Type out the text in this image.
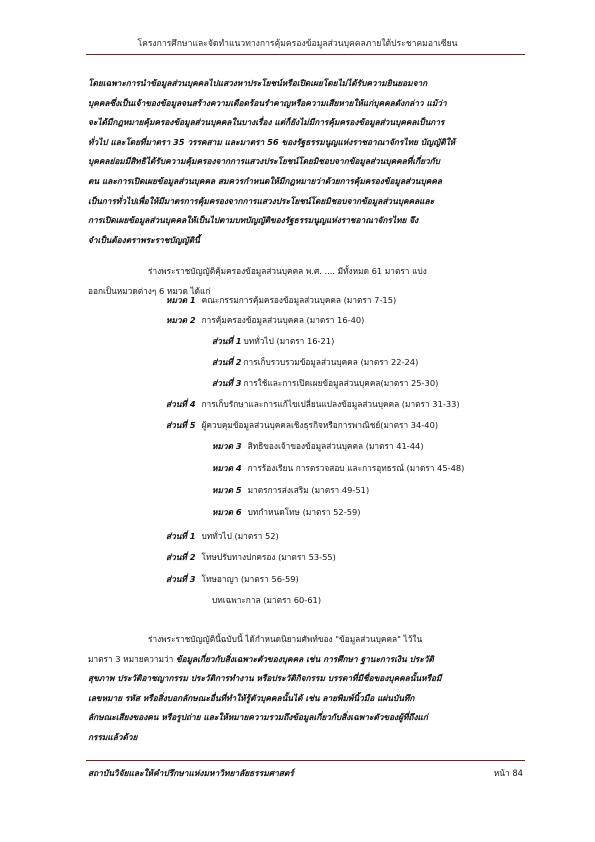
โครงการศึกษาและจัดทำแนวทางการคุ้มครองข้อมูลส่วนบุคคลภายใต้ประชาคมอาเซียน
โดยเฉพาะการนำข้อมูลส่วนบุคคลไปแสวงหาประโยชน์หรือเปิดเผยโดยไม่ได้รับความยินยอมจาก
บุคคลซึ่งเป็นเจ้าของข้อมูลจนสร้างความเดือดร้อนรำคาญหรือความเสียหายให้แก่บุคคลดังกล่าว แม้ว่า
จะได้มีกฎหมายคุ้มครองข้อมูลส่วนบุคคลในบางเรื่อง แต่ก็ยังไม่มีการคุ้มครองข้อมูลส่วนบุคคลเป็นการ
ทั่วไป และโดยที่มาตรา 35 วรรคสาม และมาตรา 56 ของรัฐธรรมนูญแห่งราชอาณาจักรไทย บัญญัติให้
บุคคลย่อมมีสิทธิได้รับความคุ้มครองจากการแสวงประโยชน์โดยมิชอบจากข้อมูลส่วนบุคคลที่เกี่ยวกับ
ตน และการเปิดเผยข้อมูลส่วนบุคคล สมควรกำหนดให้มีกฎหมายว่าด้วยการคุ้มครองข้อมูลส่วนบุคคล
เป็นการทั่วไปเพื่อให้มีมาตรการคุ้มครองจากการแสวงประโยชน์โดยมิชอบจากข้อมูลส่วนบุคคลและ
การเปิดเผยข้อมูลส่วนบุคคลให้เป็นไปตามบทบัญญัติของรัฐธรรมนูญแห่งราชอาณาจักรไทย จึง
จำเป็นต้องตราพระราชบัญญัตินี้
ร่างพระราชบัญญัติคุ้มครองข้อมูลส่วนบุคคล พ.ศ. .... มีทั้งหมด 61 มาตรา แบ่ง
ออกเป็นหมวดต่างๆ 6 หมวด ได้แก่
หมวด 1 คณะกรรมการคุ้มครองข้อมูลส่วนบุคคล (มาตรา 7-15)
หมวด 2 การคุ้มครองข้อมูลส่วนบุคคล (มาตรา 16-40)
ส่วนที่ 1 บททั่วไป (มาตรา 16-21)
ส่วนที่ 2 การเก็บรวบรวมข้อมูลส่วนบุคคล (มาตรา 22-24)
ส่วนที่ 3 การใช้และการเปิดเผยข้อมูลส่วนบุคคล(มาตรา 25-30)
ส่วนที่ 4 การเก็บรักษาและการแก้ไขเปลี่ยนแปลงข้อมูลส่วนบุคคล (มาตรา 31-33)
ส่วนที่ 5 ผู้ควบคุมข้อมูลส่วนบุคคลเชิงธุรกิจหรือการพาณิชย์(มาตรา 34-40)
หมวด 3 สิทธิของเจ้าของข้อมูลส่วนบุคคล (มาตรา 41-44)
หมวด 4 การร้องเรียน การตรวจสอบ และการอุทธรณ์ (มาตรา 45-48)
หมวด 5 มาตรการส่งเสริม (มาตรา 49-51)
หมวด 6 บทกำหนดโทษ (มาตรา 52-59)
ส่วนที่ 1 บททั่วไป (มาตรา 52)
ส่วนที่ 2 โทษปรับทางปกครอง (มาตรา 53-55)
ส่วนที่ 3 โทษอาญา (มาตรา 56-59)
บทเฉพาะกาล (มาตรา 60-61)
ร่างพระราชบัญญัตินี้ฉบับนี้ ได้กำหนดนิยามศัพท์ของ "ข้อมูลส่วนบุคคล" ไว้ใน
มาตรา 3 หมายความว่า ข้อมูลเกี่ยวกับสิ่งเฉพาะตัวของบุคคล เช่น การศึกษา ฐานะการเงิน ประวัติ
สุขภาพ ประวัติอาชญากรรม ประวัติการทำงาน หรือประวัติกิจกรรม บรรดาที่มีชื่อของบุคคลนั้นหรือมี
เลขหมาย รหัส หรือสิ่งบอกลักษณะอื่นที่ทำให้รู้ตัวบุคคลนั้นได้ เช่น ลายพิมพ์นิ้วมือ แผ่นบันทึก
ลักษณะเสียงของคน หรือรูปถ่าย และให้หมายความรวมถึงข้อมูลเกี่ยวกับสิ่งเฉพาะตัวของผู้ที่ถึงแก่
กรรมแล้วด้วย
สถาบันวิจัยและให้คำปรึกษาแห่งมหาวิทยาลัยธรรมศาสตร์	หน้า 84
